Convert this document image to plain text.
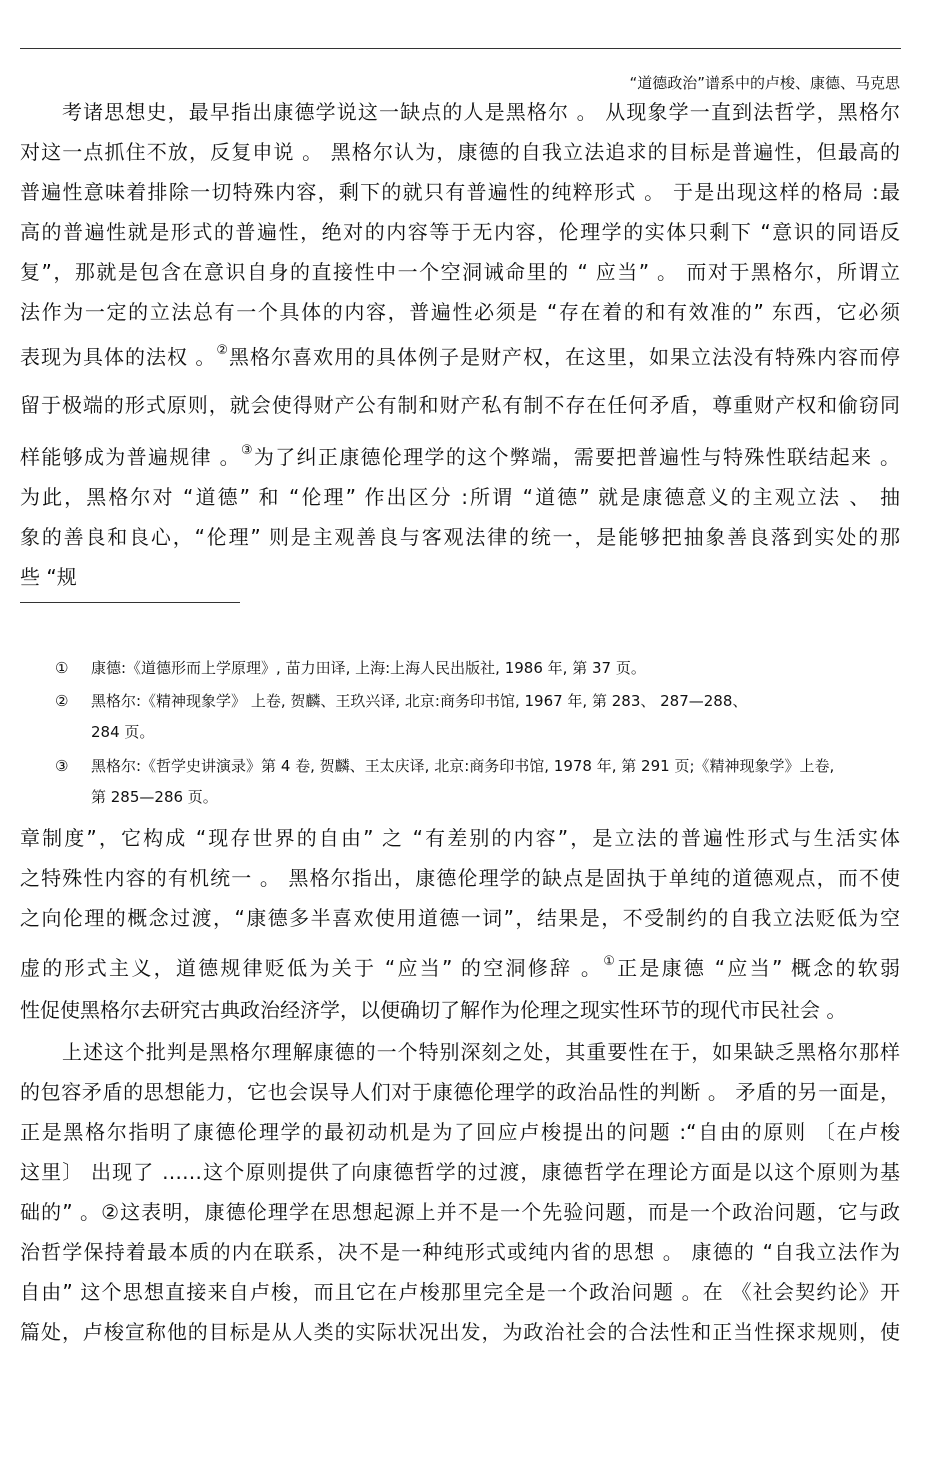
“道德政治”谱系中的卢梭、康德、马克思
考诸思想史，最早指出康德学说这一缺点的人是黑格尔 。 从现象学一直到法哲学，黑格尔
对这一点抓住不放，反复申说 。 黑格尔认为，康德的自我立法追求的目标是普遍性，但最高的
普遍性意味着排除一切特殊内容，剩下的就只有普遍性的纯粹形式 。 于是出现这样的格局 :最
高的普遍性就是形式的普遍性，绝对的内容等于无内容，伦理学的实体只剩下 “意识的同语反
复”，那就是包含在意识自身的直接性中一个空洞诫命里的 “ 应当” 。 而对于黑格尔，所谓立
法作为一定的立法总有一个具体的内容，普遍性必须是 “存在着的和有效准的” 东西，它必须
表现为具体的法权 。②黑格尔喜欢用的具体例子是财产权，在这里，如果立法没有特殊内容而停
留于极端的形式原则，就会使得财产公有制和财产私有制不存在任何矛盾，尊重财产权和偷窃同
样能够成为普遍规律 。③为了纠正康德伦理学的这个弊端，需要把普遍性与特殊性联结起来 。
为此，黑格尔对 “道德” 和 “伦理” 作出区分 :所谓 “道德” 就是康德意义的主观立法 、 抽
象的善良和良心，“伦理” 则是主观善良与客观法律的统一，是能够把抽象善良落到实处的那
些 “规
① 康德:《道德形而上学原理》, 苗力田译, 上海:上海人民出版社, 1986 年, 第 37 页。
② 黑格尔:《精神现象学》 上卷, 贺麟、王玖兴译, 北京:商务印书馆, 1967 年, 第 283、 287—288、
284 页。
③ 黑格尔:《哲学史讲演录》第 4 卷, 贺麟、王太庆译, 北京:商务印书馆, 1978 年, 第 291 页;《精神现象学》上卷,
第 285—286 页。
章制度”，它构成 “现存世界的自由” 之 “有差别的内容”，是立法的普遍性形式与生活实体
之特殊性内容的有机统一 。 黑格尔指出，康德伦理学的缺点是固执于单纯的道德观点，而不使
之向伦理的概念过渡，“康德多半喜欢使用道德一词”，结果是，不受制约的自我立法贬低为空
虚的形式主义，道德规律贬低为关于 “应当” 的空洞修辞 。①正是康德 “应当” 概念的软弱
性促使黑格尔去研究古典政治经济学，以便确切了解作为伦理之现实性环节的现代市民社会 。
上述这个批判是黑格尔理解康德的一个特别深刻之处，其重要性在于，如果缺乏黑格尔那样
的包容矛盾的思想能力，它也会误导人们对于康德伦理学的政治品性的判断 。 矛盾的另一面是，
正是黑格尔指明了康德伦理学的最初动机是为了回应卢梭提出的问题 :“自由的原则 〔在卢梭
这里〕 出现了 ……这个原则提供了向康德哲学的过渡，康德哲学在理论方面是以这个原则为基
础的” 。②这表明，康德伦理学在思想起源上并不是一个先验问题，而是一个政治问题，它与政
治哲学保持着最本质的内在联系，决不是一种纯形式或纯内省的思想 。 康德的 “自我立法作为
自由” 这个思想直接来自卢梭，而且它在卢梭那里完全是一个政治问题 。在 《社会契约论》开
篇处，卢梭宣称他的目标是从人类的实际状况出发，为政治社会的合法性和正当性探求规则，使
